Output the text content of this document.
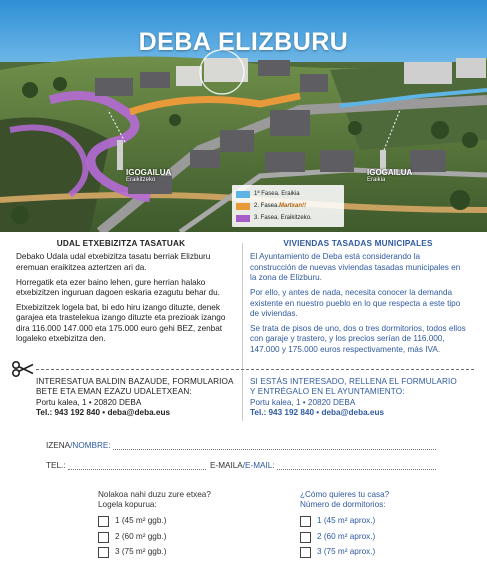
DEBA ELIZBURU
IGOGAILUA
Eraikitzeko
IGOGAILUA
Eraikia
1ª Fasea. Eraikia
2. Fasea. Martxan!!
3. Fasea. Eraikitzeko.
UDAL ETXEBIZITZA TASATUAK

Debako Udala udal etxebizitza tasatu berriak Elizburu eremuan eraikitzea aztertzen ari da.

Horregatik eta ezer baino lehen, gure herrian halako etxebizitzen inguruan dagoen eskaria ezagutu behar du.

Etxebizitzek logela bat, bi edo hiru izango dituzte, denek garajea eta trastelekua izango dituzte eta prezioak izango dira 116.000 147.000 eta 175.000 euro gehi BEZ, zenbat logaleko etxebizitza den.

VIVIENDAS TASADAS MUNICIPALES

El Ayuntamiento de Deba está considerando la construcción de nuevas viviendas tasadas municipales en la zona de Elizburu.

Por ello, y antes de nada, necesita conocer la demanda existente en nuestro pueblo en lo que respecta a este tipo de viviendas.

Se trata de pisos de uno, dos o tres dormitorios, todos ellos con garaje y trastero, y los precios serían de 116.000, 147.000 y 175.000 euros respectivamente, más IVA.

INTERESATUA BALDIN BAZAUDE, FORMULARIOA
BETE ETA EMAN EZAZU UDALETXEAN:
Portu kalea, 1 • 20820 DEBA
Tel.: 943 192 840 • deba@deba.eus
SI ESTÁS INTERESADO, RELLENA EL FORMULARIO
Y ENTRÉGALO EN EL AYUNTAMIENTO:
Portu kalea, 1 • 20820 DEBA
Tel.: 943 192 840 • deba@deba.eus
IZENA / NOMBRE:
TEL.:	E-MAILA / E-MAIL:
Nolakoa nahi duzu zure etxea?
Logela kopurua:
1 (45 m² ggb.)
2 (60 m² ggb.)
3 (75 m² ggb.)
¿Cómo quieres tu casa?
Número de dormitorios:
1 (45 m² aprox.)
2 (60 m² aprox.)
3 (75 m² aprox.)
